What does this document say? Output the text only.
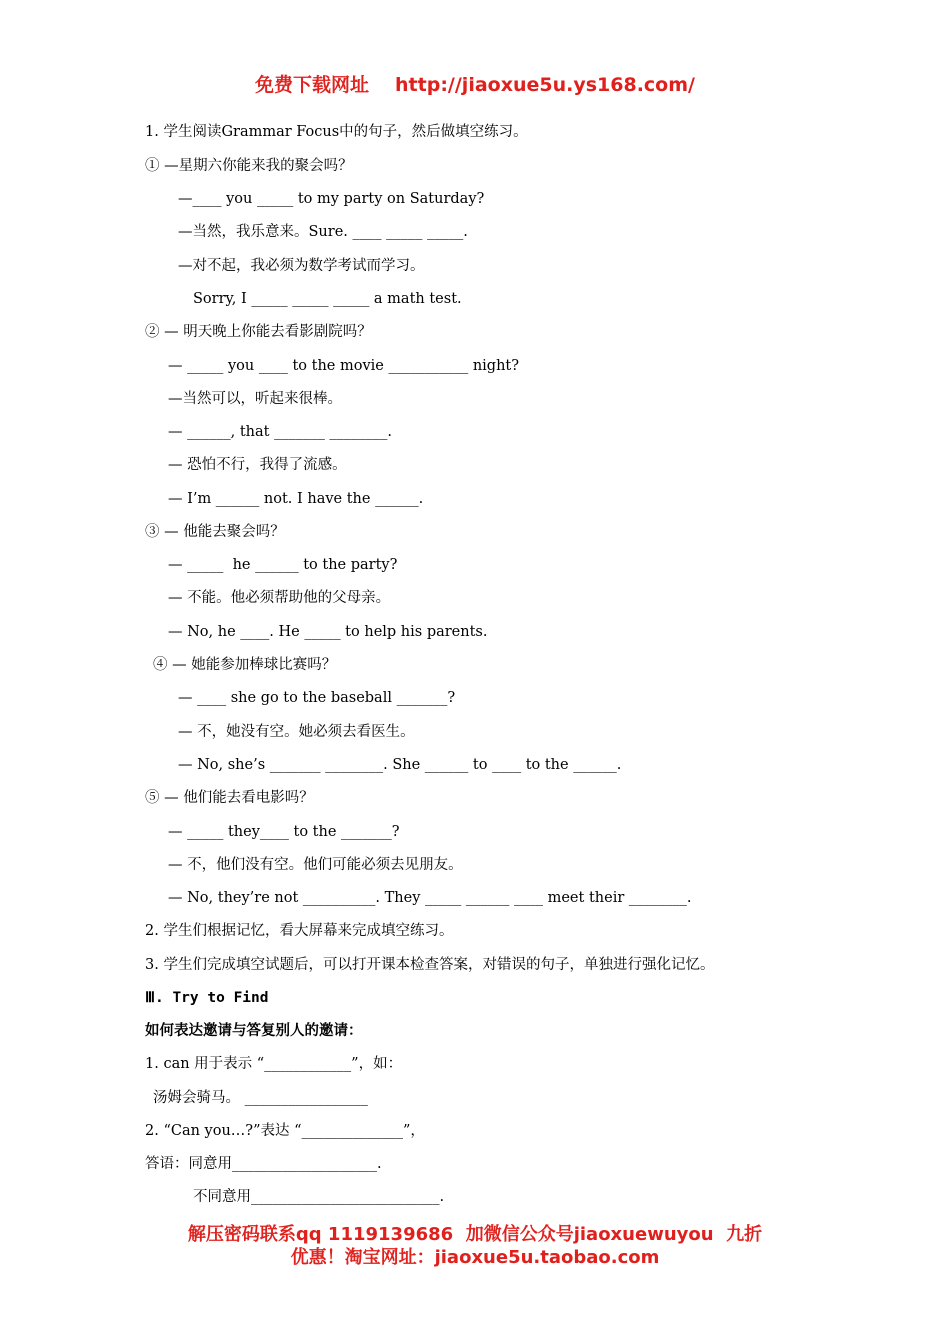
免费下载网址 http://jiaoxue5u.ys168.com/
1. 学生阅读Grammar Focus中的句子，然后做填空练习。
① —星期六你能来我的聚会吗？
—____ you _____ to my party on Saturday?
—当然，我乐意来。Sure. ____ _____ _____.
—对不起，我必须为数学考试而学习。
Sorry, I _____ _____ _____ a math test.
② — 明天晚上你能去看影剧院吗？
— _____ you ____ to the movie ___________ night?
—当然可以，听起来很棒。
— ______, that _______ ________.
— 恐怕不行，我得了流感。
— I’m ______ not. I have the ______.
③ — 他能去聚会吗？
— _____  he ______ to the party?
— 不能。他必须帮助他的父母亲。
— No, he ____. He _____ to help his parents.
④ — 她能参加棒球比赛吗？
— ____ she go to the baseball _______?
— 不，她没有空。她必须去看医生。
— No, she’s _______ ________. She ______ to ____ to the ______.
⑤ — 他们能去看电影吗？
— _____ they____ to the _______?
— 不，他们没有空。他们可能必须去见朋友。
— No, they’re not __________. They _____ ______ ____ meet their ________.
2. 学生们根据记忆，看大屏幕来完成填空练习。
3. 学生们完成填空试题后，可以打开课本检查答案，对错误的句子，单独进行强化记忆。
Ⅲ. Try to Find
如何表达邀请与答复别人的邀请：
1. can 用于表示 “____________”，如：
汤姆会骑马。 _________________
2. “Can you…?”表达 “______________”，
答语：同意用____________________.
不同意用__________________________.
解压密码联系qq 1119139686  加微信公众号jiaoxuewuyou  九折
优惠！淘宝网址：jiaoxue5u.taobao.com
